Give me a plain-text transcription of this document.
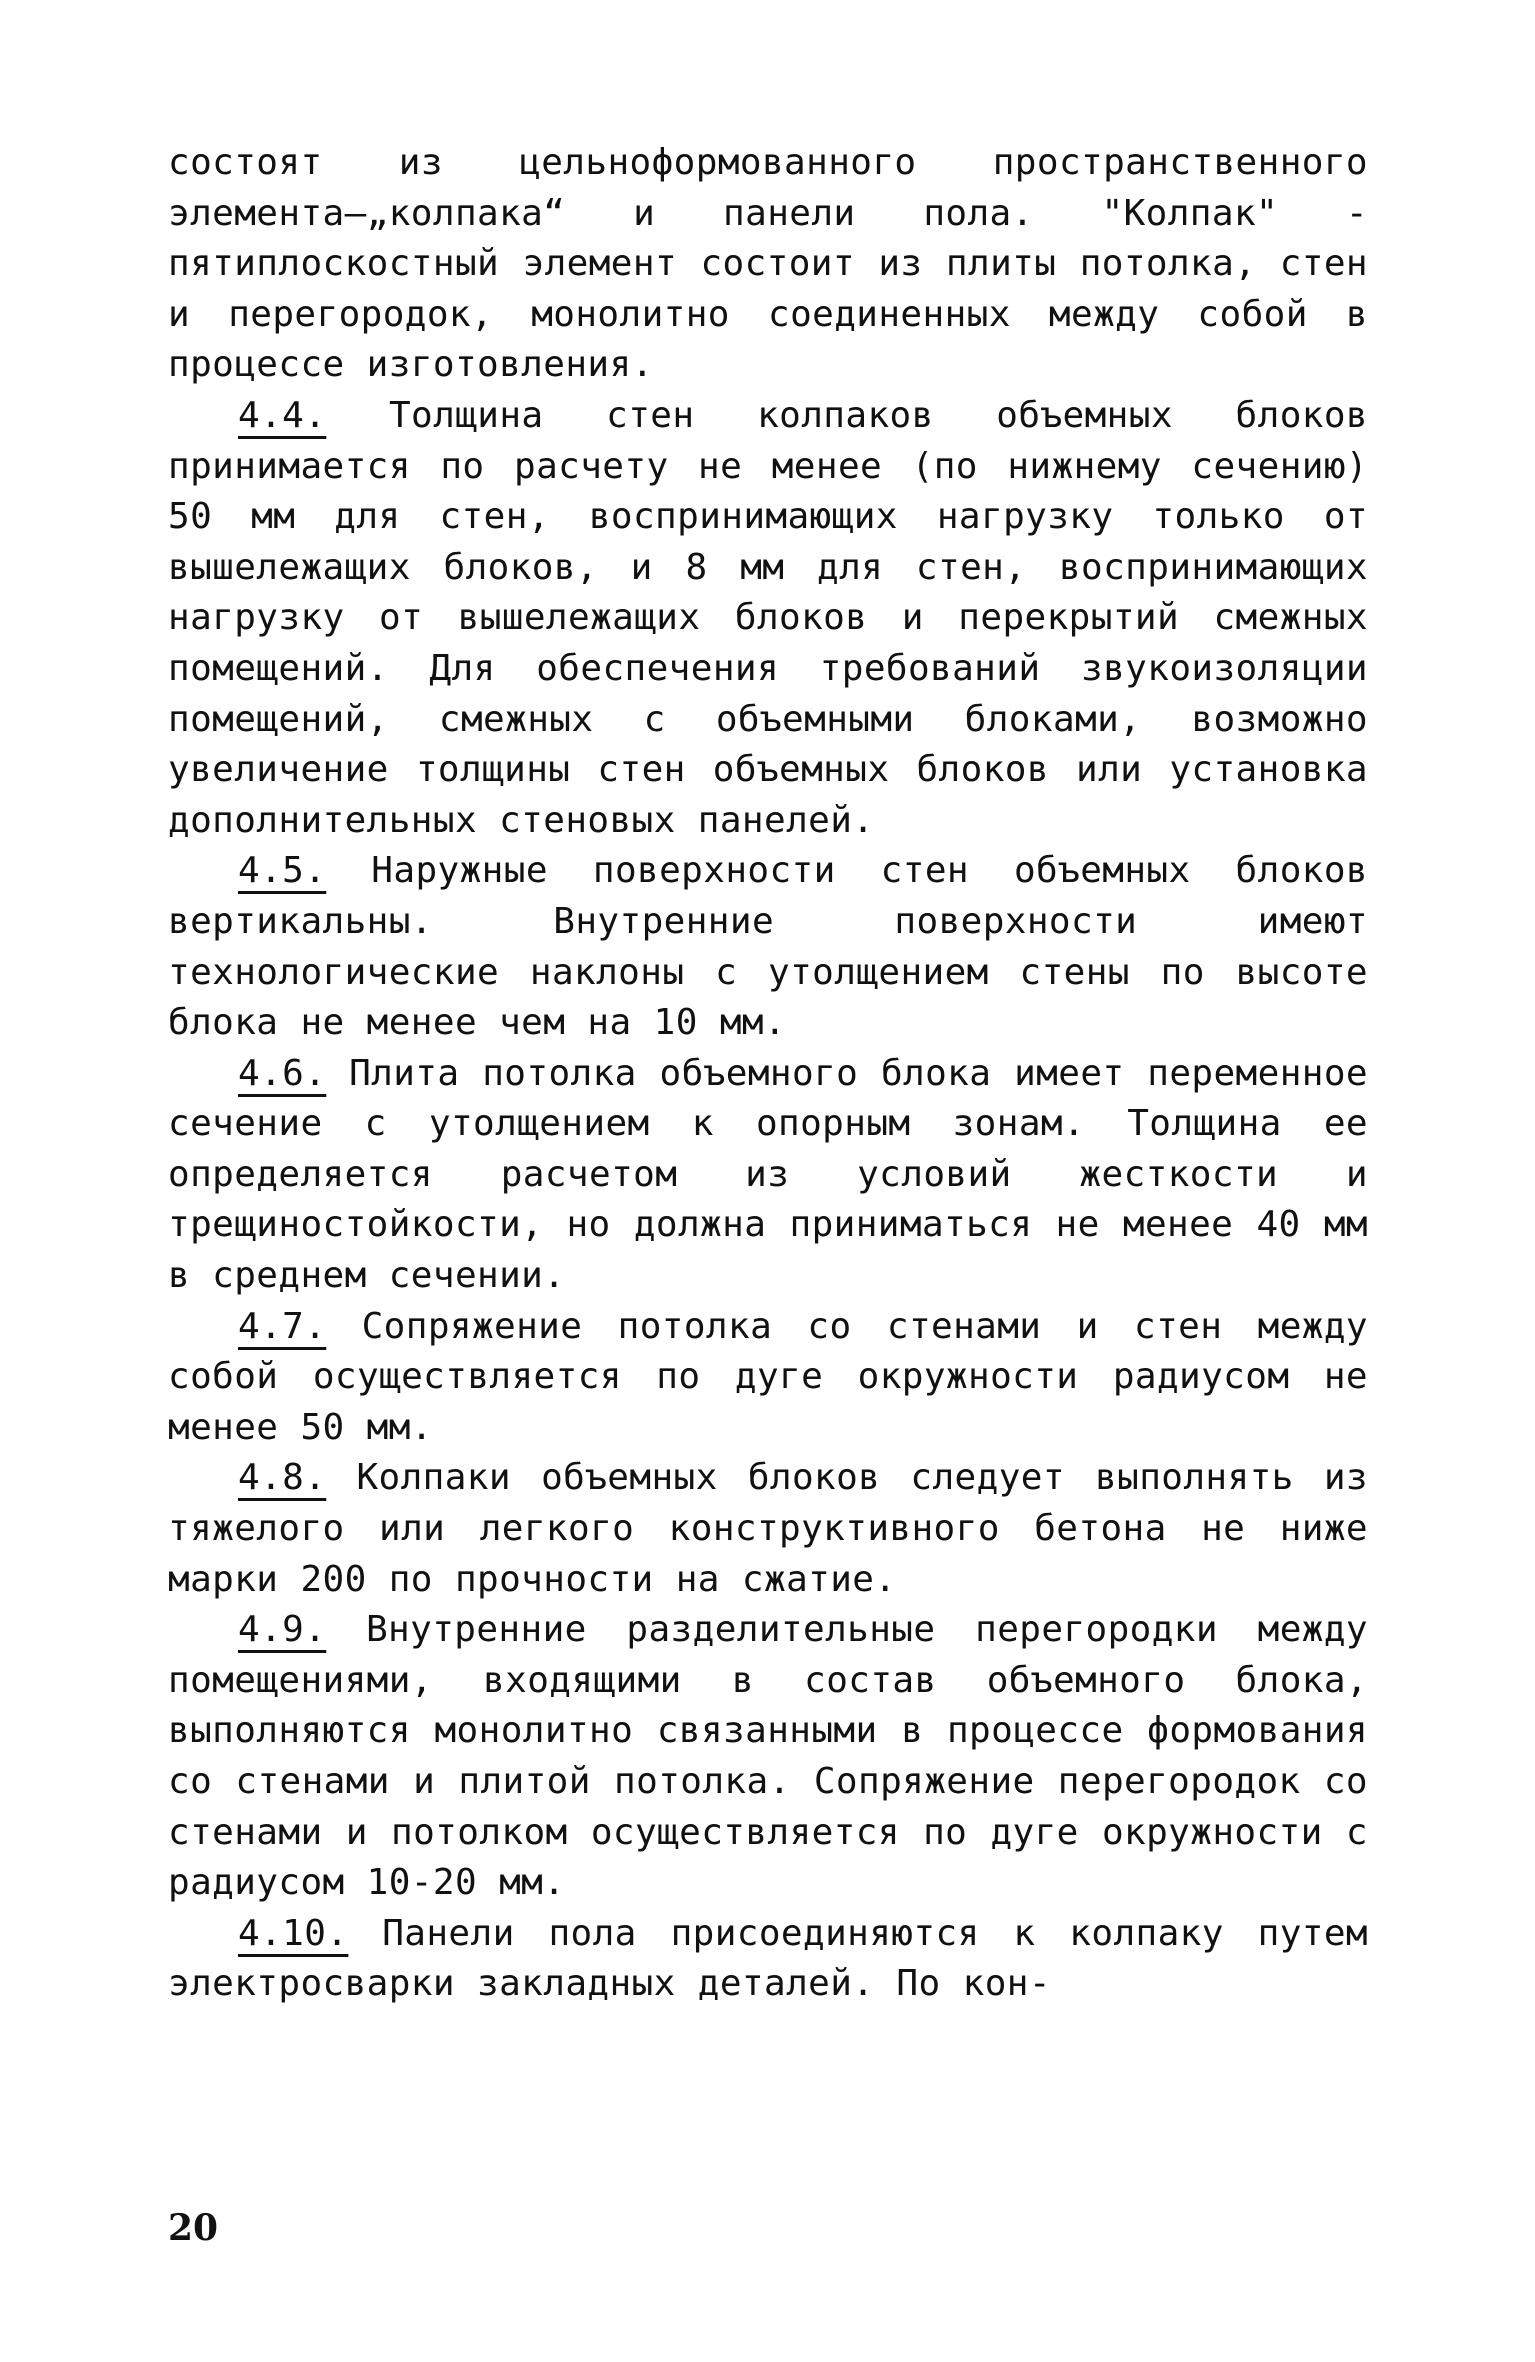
состоят из цельноформованного пространственного элемента–„колпака“ и панели пола. "Колпак" - пятиплоскостный элемент состоит из плиты потолка, стен и перегородок, монолитно соединенных между собой в процессе изготовления.

4.4. Толщина стен колпаков объемных блоков принимается по расчету не менее (по нижнему сечению) 50 мм для стен, воспринимающих нагрузку только от вышележащих блоков, и 8 мм для стен, воспринимающих нагрузку от вышележащих блоков и перекрытий смежных помещений. Для обеспечения требований звукоизоляции помещений, смежных с объемными блоками, возможно увеличение толщины стен объемных блоков или установка дополнительных стеновых панелей.

4.5. Наружные поверхности стен объемных блоков вертикальны. Внутренние поверхности имеют технологические наклоны с утолщением стены по высоте блока не менее чем на 10 мм.

4.6. Плита потолка объемного блока имеет переменное сечение с утолщением к опорным зонам. Толщина ее определяется расчетом из условий жесткости и трещиностойкости, но должна приниматься не менее 40 мм в среднем сечении.

4.7. Сопряжение потолка со стенами и стен между собой осуществляется по дуге окружности радиусом не менее 50 мм.

4.8. Колпаки объемных блоков следует выполнять из тяжелого или легкого конструктивного бетона не ниже марки 200 по прочности на сжатие.

4.9. Внутренние разделительные перегородки между помещениями, входящими в состав объемного блока, выполняются монолитно связанными в процессе формования со стенами и плитой потолка. Сопряжение перегородок со стенами и потолком осуществляется по дуге окружности с радиусом 10-20 мм.

4.10. Панели пола присоединяются к колпаку путем электросварки закладных деталей. По кон-

20
